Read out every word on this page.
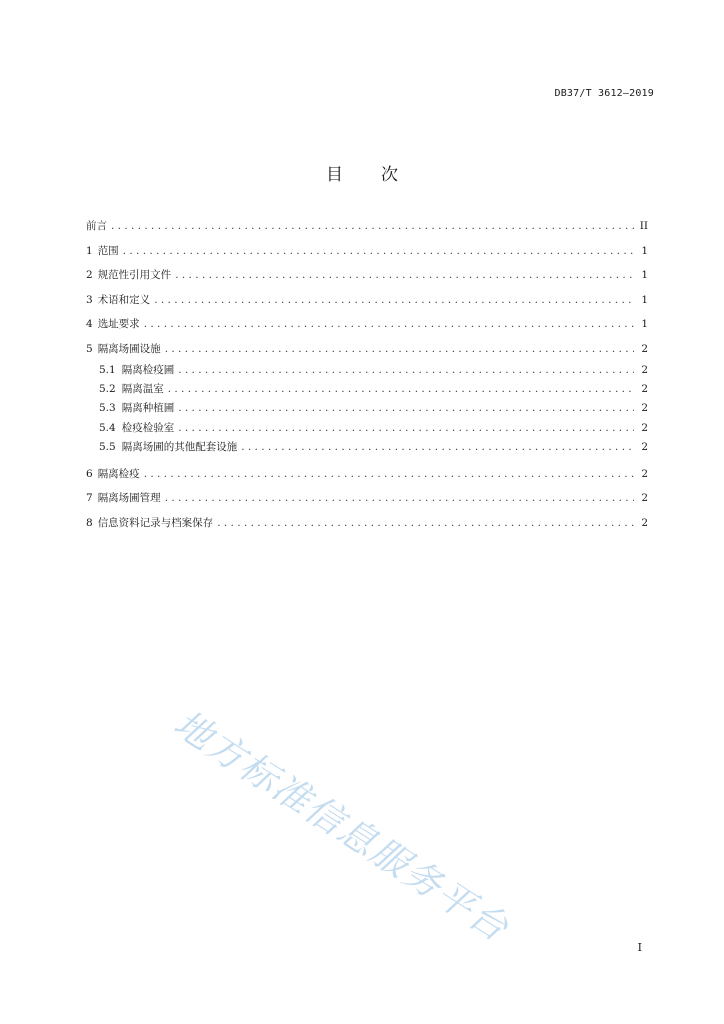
DB37/T 3612—2019
目 次
前言 . . .	II
1 范围 . . .	1
2 规范性引用文件 . . .	1
3 术语和定义 . . .	1
4 选址要求 . . .	1
5 隔离场圃设施 . . .	2
5.1 隔离检疫圃 . . .	2
5.2 隔离温室 . . .	2
5.3 隔离种植圃 . . .	2
5.4 检疫检验室 . . .	2
5.5 隔离场圃的其他配套设施 . . .	2
6 隔离检疫 . . .	2
7 隔离场圃管理 . . .	2
8 信息资料记录与档案保存 . . .	2
地方标准信息服务平台	I
